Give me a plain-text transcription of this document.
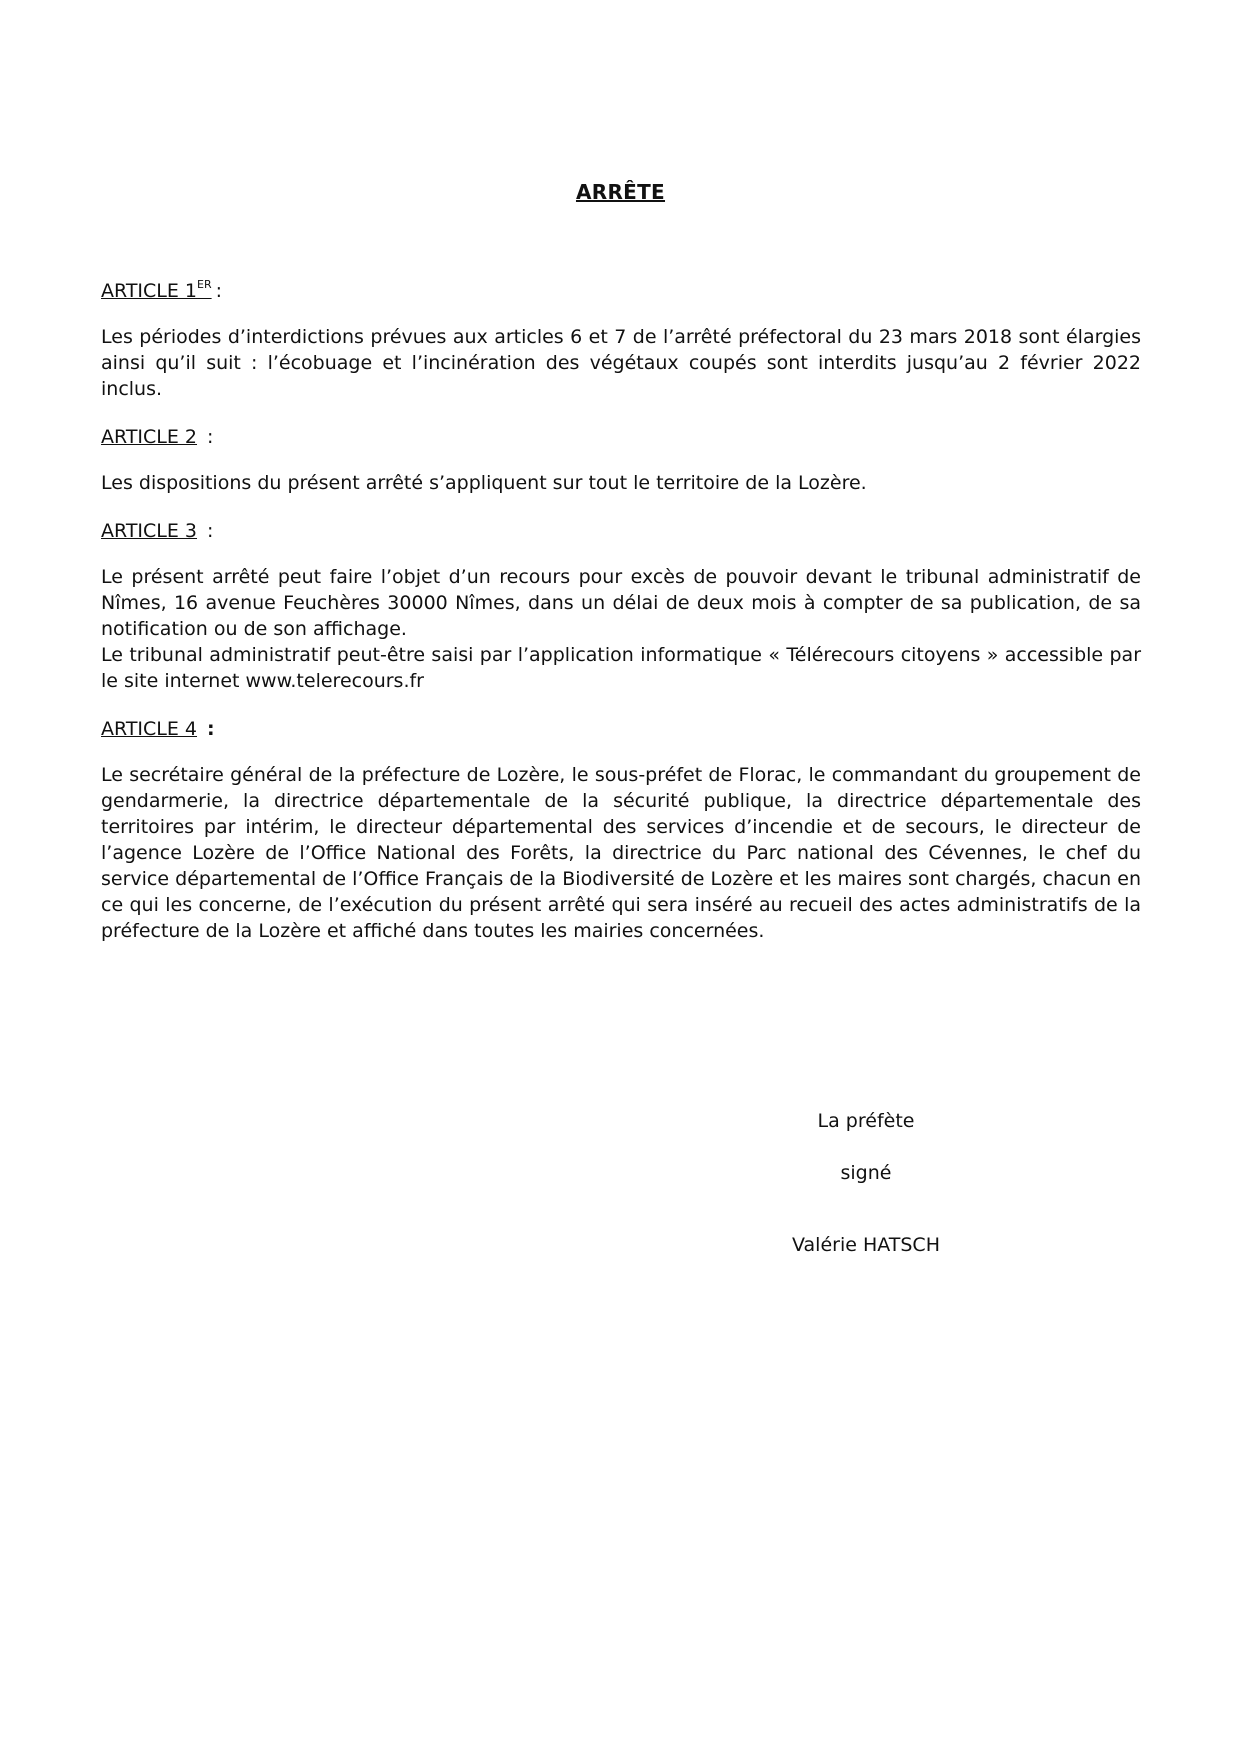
ARRÊTE

ARTICLE 1ER :

Les périodes d’interdictions prévues aux articles 6 et 7 de l’arrêté préfectoral du 23 mars 2018 sont élargies ainsi qu’il suit : l’écobuage et l’incinération des végétaux coupés sont interdits jusqu’au 2 février 2022 inclus.

ARTICLE 2 :

Les dispositions du présent arrêté s’appliquent sur tout le territoire de la Lozère.

ARTICLE 3 :

Le présent arrêté peut faire l’objet d’un recours pour excès de pouvoir devant le tribunal administratif de Nîmes, 16 avenue Feuchères 30000 Nîmes, dans un délai de deux mois à compter de sa publication, de sa notification ou de son affichage.

Le tribunal administratif peut-être saisi par l’application informatique « Télérecours citoyens » accessible par le site internet www.telerecours.fr

ARTICLE 4 :

Le secrétaire général de la préfecture de Lozère, le sous-préfet de Florac, le commandant du groupement de gendarmerie, la directrice départementale de la sécurité publique, la directrice départementale des territoires par intérim, le directeur départemental des services d’incendie et de secours, le directeur de l’agence Lozère de l’Office National des Forêts, la directrice du Parc national des Cévennes, le chef du service départemental de l’Office Français de la Biodiversité de Lozère et les maires sont chargés, chacun en ce qui les concerne, de l’exécution du présent arrêté qui sera inséré au recueil des actes administratifs de la préfecture de la Lozère et affiché dans toutes les mairies concernées.

La préfète
signé
Valérie HATSCH
